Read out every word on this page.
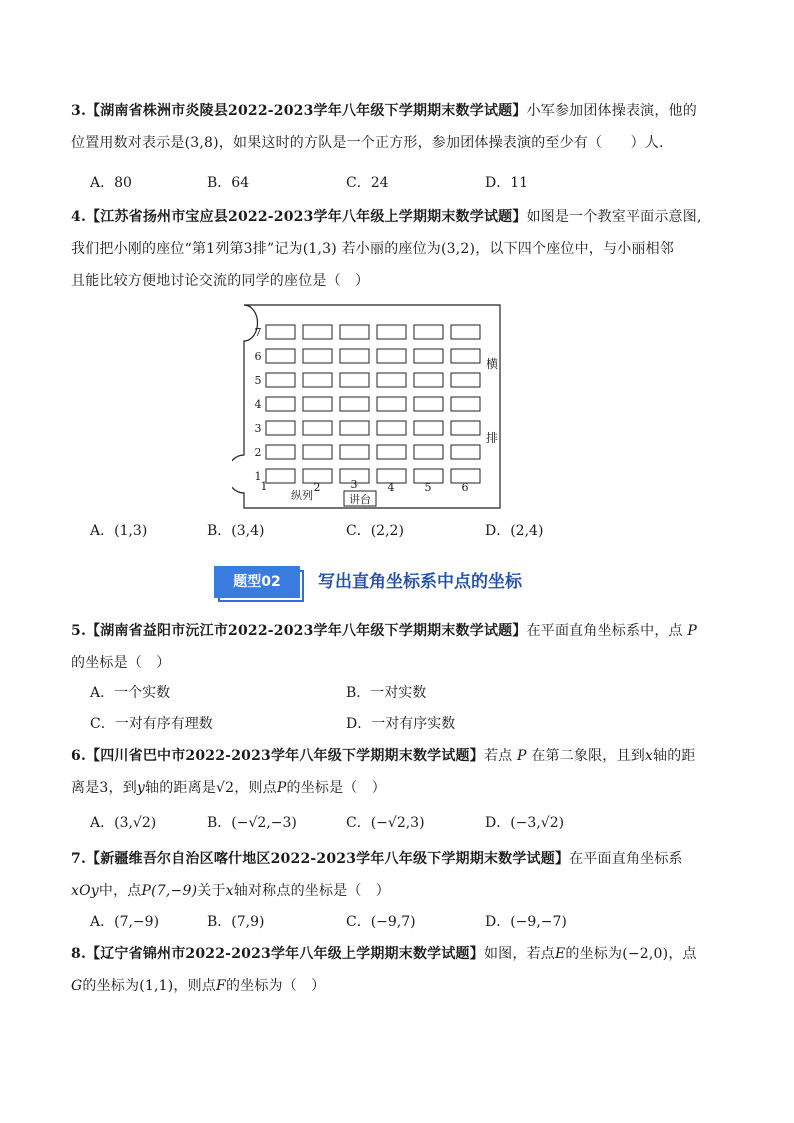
3.【湖南省株洲市炎陵县2022-2023学年八年级下学期期末数学试题】小军参加团体操表演，他的

位置用数对表示是(3,8)，如果这时的方队是一个正方形，参加团体操表演的至少有（　　）人.

A．80	B．64	C．24	D．11

4.【江苏省扬州市宝应县2022-2023学年八年级上学期期末数学试题】如图是一个教室平面示意图,

我们把小刚的座位“第1列第3排”记为(1,3) 若小丽的座位为(3,2)，以下四个座位中，与小丽相邻

且能比较方便地讨论交流的同学的座位是（　）

7
6
5
4
3
2
1
1	2	3	4	5	6
纵列	讲台
横
排
A．(1,3)	B．(3,4)	C．(2,2)	D．(2,4)
题型02	写出直角坐标系中点的坐标

5.【湖南省益阳市沅江市2022-2023学年八年级下学期期末数学试题】在平面直角坐标系中，点 P

的坐标是（　）

A．一个实数	B．一对实数
C．一对有序有理数	D．一对有序实数

6.【四川省巴中市2022-2023学年八年级下学期期末数学试题】若点 P 在第二象限，且到x轴的距

离是3，到y轴的距离是√2，则点P的坐标是（　）

A．(3,√2)	B．(−√2,−3)	C．(−√2,3)	D．(−3,√2)

7.【新疆维吾尔自治区喀什地区2022-2023学年八年级下学期期末数学试题】在平面直角坐标系

xOy中，点P(7,−9)关于x轴对称点的坐标是（　）

A．(7,−9)	B．(7,9)	C．(−9,7)	D．(−9,−7)

8.【辽宁省锦州市2022-2023学年八年级上学期期末数学试题】如图，若点E的坐标为(−2,0)，点

G的坐标为(1,1)，则点F的坐标为（　）
